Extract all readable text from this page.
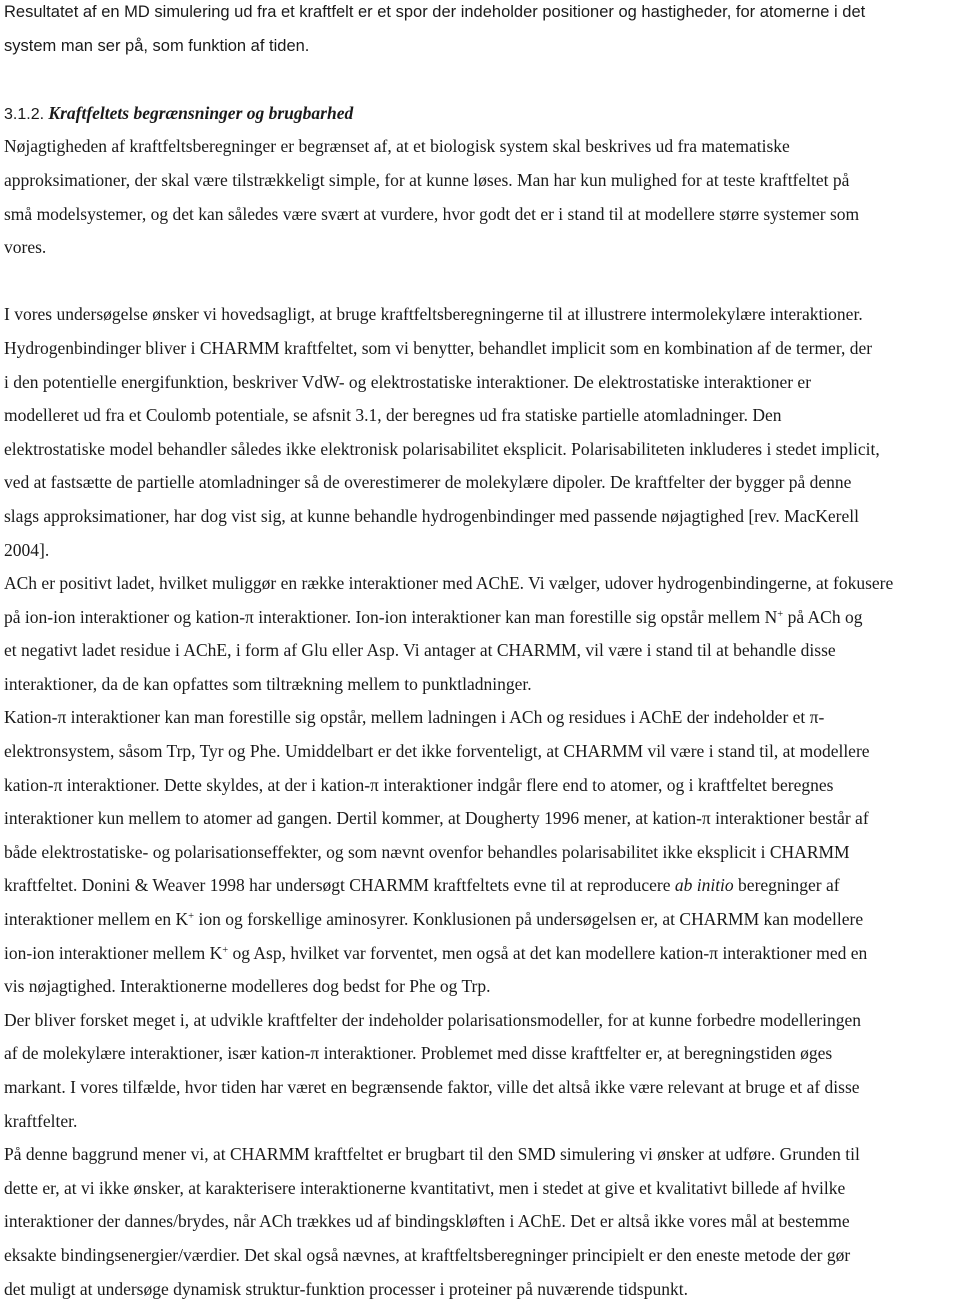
Resultatet af en MD simulering ud fra et kraftfelt er et spor der indeholder positioner og hastigheder, for atomerne i det
system man ser på, som funktion af tiden.
3.1.2. Kraftfeltets begrænsninger og brugbarhed
Nøjagtigheden af kraftfeltsberegninger er begrænset af, at et biologisk system skal beskrives ud fra matematiske
approksimationer, der skal være tilstrækkeligt simple, for at kunne løses. Man har kun mulighed for at teste kraftfeltet på
små modelsystemer, og det kan således være svært at vurdere, hvor godt det er i stand til at modellere større systemer som
vores.
I vores undersøgelse ønsker vi hovedsagligt, at bruge kraftfeltsberegningerne til at illustrere intermolekylære interaktioner.
Hydrogenbindinger bliver i CHARMM kraftfeltet, som vi benytter, behandlet implicit som en kombination af de termer, der
i den potentielle energifunktion, beskriver VdW- og elektrostatiske interaktioner. De elektrostatiske interaktioner er
modelleret ud fra et Coulomb potentiale, se afsnit 3.1, der beregnes ud fra statiske partielle atomladninger. Den
elektrostatiske model behandler således ikke elektronisk polarisabilitet eksplicit. Polarisabiliteten inkluderes i stedet implicit,
ved at fastsætte de partielle atomladninger så de overestimerer de molekylære dipoler. De kraftfelter der bygger på denne
slags approksimationer, har dog vist sig, at kunne behandle hydrogenbindinger med passende nøjagtighed [rev. MacKerell
2004].
ACh er positivt ladet, hvilket muliggør en række interaktioner med AChE. Vi vælger, udover hydrogenbindingerne, at fokusere
på ion-ion interaktioner og kation-π interaktioner. Ion-ion interaktioner kan man forestille sig opstår mellem N+ på ACh og
et negativt ladet residue i AChE, i form af Glu eller Asp. Vi antager at CHARMM, vil være i stand til at behandle disse
interaktioner, da de kan opfattes som tiltrækning mellem to punktladninger.
Kation-π interaktioner kan man forestille sig opstår, mellem ladningen i ACh og residues i AChE der indeholder et π-
elektronsystem, såsom Trp, Tyr og Phe. Umiddelbart er det ikke forventeligt, at CHARMM vil være i stand til, at modellere
kation-π interaktioner. Dette skyldes, at der i kation-π interaktioner indgår flere end to atomer, og i kraftfeltet beregnes
interaktioner kun mellem to atomer ad gangen. Dertil kommer, at Dougherty 1996 mener, at kation-π interaktioner består af
både elektrostatiske- og polarisationseffekter, og som nævnt ovenfor behandles polarisabilitet ikke eksplicit i CHARMM
kraftfeltet. Donini & Weaver 1998 har undersøgt CHARMM kraftfeltets evne til at reproducere ab initio beregninger af
interaktioner mellem en K+ ion og forskellige aminosyrer. Konklusionen på undersøgelsen er, at CHARMM kan modellere
ion-ion interaktioner mellem K+ og Asp, hvilket var forventet, men også at det kan modellere kation-π interaktioner med en
vis nøjagtighed. Interaktionerne modelleres dog bedst for Phe og Trp.
Der bliver forsket meget i, at udvikle kraftfelter der indeholder polarisationsmodeller, for at kunne forbedre modelleringen
af de molekylære interaktioner, især kation-π interaktioner. Problemet med disse kraftfelter er, at beregningstiden øges
markant. I vores tilfælde, hvor tiden har været en begrænsende faktor, ville det altså ikke være relevant at bruge et af disse
kraftfelter.
På denne baggrund mener vi, at CHARMM kraftfeltet er brugbart til den SMD simulering vi ønsker at udføre. Grunden til
dette er, at vi ikke ønsker, at karakterisere interaktionerne kvantitativt, men i stedet at give et kvalitativt billede af hvilke
interaktioner der dannes/brydes, når ACh trækkes ud af bindingskløften i AChE. Det er altså ikke vores mål at bestemme
eksakte bindingsenergier/værdier. Det skal også nævnes, at kraftfeltsberegninger principielt er den eneste metode der gør
det muligt at undersøge dynamisk struktur-funktion processer i proteiner på nuværende tidspunkt.
